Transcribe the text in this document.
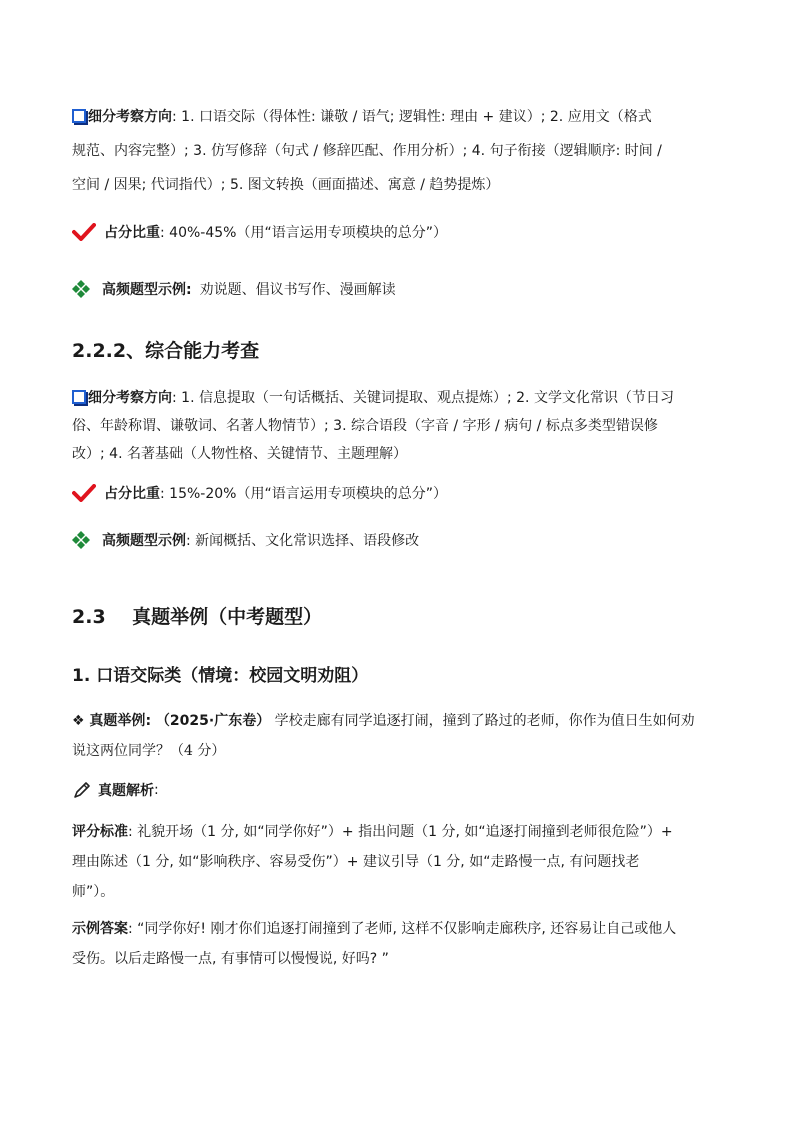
细分考察方向: 1. 口语交际（得体性: 谦敬 / 语气; 逻辑性: 理由 + 建议）; 2. 应用文（格式
规范、内容完整）; 3. 仿写修辞（句式 / 修辞匹配、作用分析）; 4. 句子衔接（逻辑顺序: 时间 /
空间 / 因果; 代词指代）; 5. 图文转换（画面描述、寓意 / 趋势提炼）
占分比重 : 40%-45%（用“语言运用专项模块的总分”）
高频题型示例: 劝说题、倡议书写作、漫画解读
2.2.2、综合能力考查
细分考察方向: 1. 信息提取（一句话概括、关键词提取、观点提炼）; 2. 文学文化常识（节日习
俗、年龄称谓、谦敬词、名著人物情节）; 3. 综合语段（字音 / 字形 / 病句 / 标点多类型错误修
改）; 4. 名著基础（人物性格、关键情节、主题理解）
占分比重 : 15%-20%（用“语言运用专项模块的总分”）
高频题型示例 : 新闻概括、文化常识选择、语段修改
2.3    真题举例（中考题型）
1. 口语交际类（情境：校园文明劝阻）
❖ 真题举例: （2025·广东卷） 学校走廊有同学追逐打闹，撞到了路过的老师，你作为值日生如何劝
说这两位同学？（4 分）
真题解析 :
评分标准: 礼貌开场（1 分, 如“同学你好”）+ 指出问题（1 分, 如“追逐打闹撞到老师很危险”）+
理由陈述（1 分, 如“影响秩序、容易受伤”）+ 建议引导（1 分, 如“走路慢一点, 有问题找老
师”）。
示例答案: “同学你好! 刚才你们追逐打闹撞到了老师, 这样不仅影响走廊秩序, 还容易让自己或他人
受伤。以后走路慢一点, 有事情可以慢慢说, 好吗? ”
